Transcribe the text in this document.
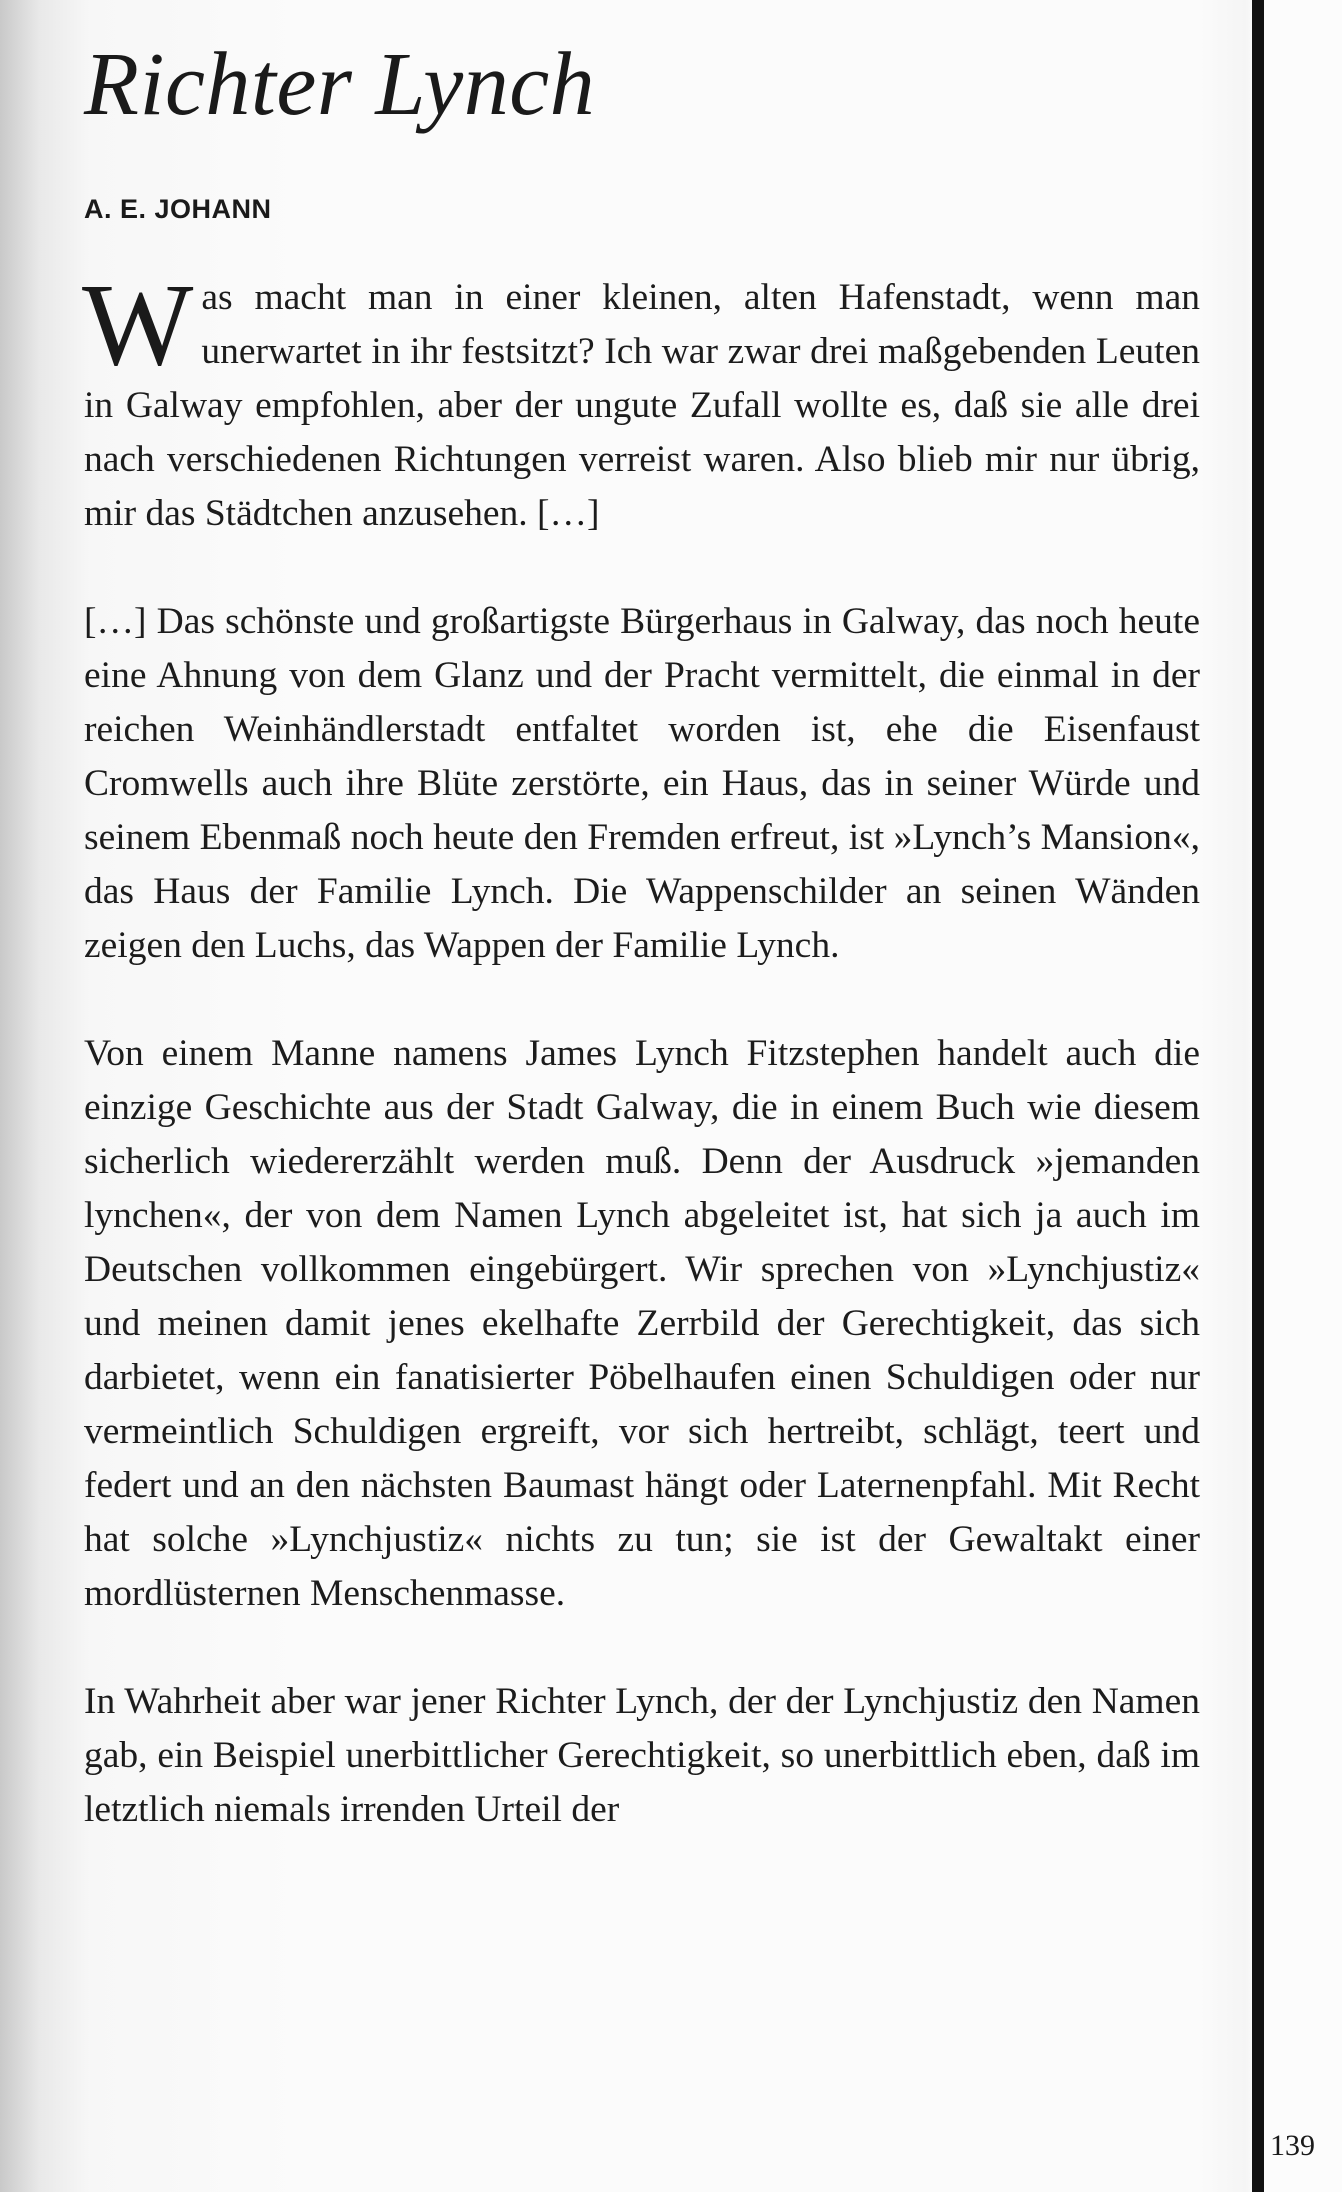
Richter Lynch
A. E. JOHANN

Was macht man in einer kleinen, alten Hafenstadt, wenn man unerwartet in ihr festsitzt? Ich war zwar drei maßgebenden Leuten in Galway empfohlen, aber der ungute Zufall wollte es, daß sie alle drei nach verschiedenen Richtungen verreist waren. Also blieb mir nur übrig, mir das Städtchen anzusehen. […]

[…] Das schönste und großartigste Bürgerhaus in Galway, das noch heute eine Ahnung von dem Glanz und der Pracht vermittelt, die einmal in der reichen Weinhändlerstadt entfaltet worden ist, ehe die Eisenfaust Cromwells auch ihre Blüte zerstörte, ein Haus, das in seiner Würde und seinem Ebenmaß noch heute den Fremden erfreut, ist »Lynch’s Mansion«, das Haus der Familie Lynch. Die Wappenschilder an seinen Wänden zeigen den Luchs, das Wappen der Familie Lynch.

Von einem Manne namens James Lynch Fitzstephen handelt auch die einzige Geschichte aus der Stadt Galway, die in einem Buch wie diesem sicherlich wiedererzählt werden muß. Denn der Ausdruck »jemanden lynchen«, der von dem Namen Lynch abgeleitet ist, hat sich ja auch im Deutschen vollkommen eingebürgert. Wir sprechen von »Lynchjustiz« und meinen damit jenes ekelhafte Zerrbild der Gerechtigkeit, das sich darbietet, wenn ein fanatisierter Pöbelhaufen einen Schuldigen oder nur vermeintlich Schuldigen ergreift, vor sich hertreibt, schlägt, teert und federt und an den nächsten Baumast hängt oder Laternenpfahl. Mit Recht hat solche »Lynchjustiz« nichts zu tun; sie ist der Gewaltakt einer mordlüsternen Menschenmasse.

In Wahrheit aber war jener Richter Lynch, der der Lynchjustiz den Namen gab, ein Beispiel unerbittlicher Gerechtigkeit, so unerbittlich eben, daß im letztlich niemals irrenden Urteil der

139
